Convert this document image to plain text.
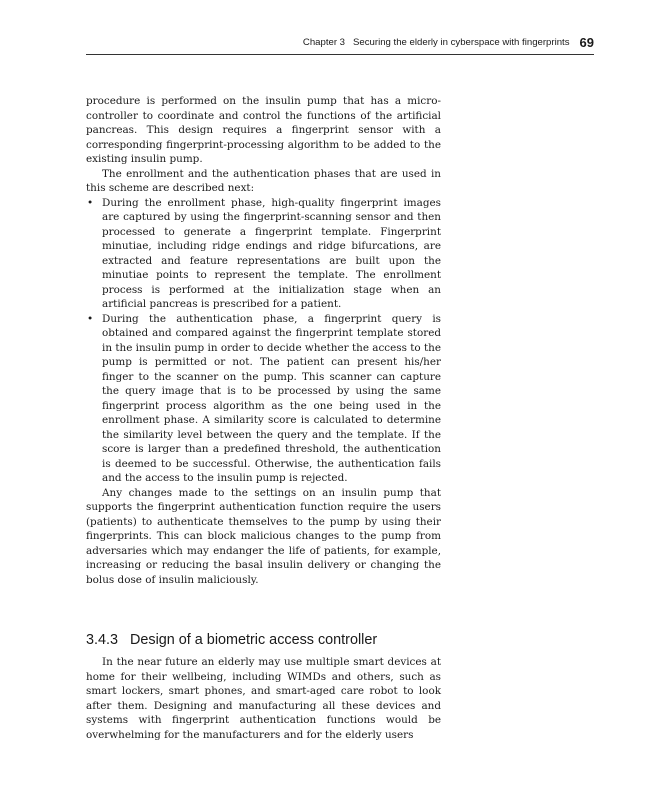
Chapter 3   Securing the elderly in cyberspace with fingerprints 69

procedure is performed on the insulin pump that has a microcontroller to coordinate and control the functions of the artificial pancreas. This design requires a fingerprint sensor with a corresponding fingerprint-processing algorithm to be added to the existing insulin pump.

The enrollment and the authentication phases that are used in this scheme are described next:

• During the enrollment phase, high-quality fingerprint images are captured by using the fingerprint-scanning sensor and then processed to generate a fingerprint template. Fingerprint minutiae, including ridge endings and ridge bifurcations, are extracted and feature representations are built upon the minutiae points to represent the template. The enrollment process is performed at the initialization stage when an artificial pancreas is prescribed for a patient.
• During the authentication phase, a fingerprint query is obtained and compared against the fingerprint template stored in the insulin pump in order to decide whether the access to the pump is permitted or not. The patient can present his/her finger to the scanner on the pump. This scanner can capture the query image that is to be processed by using the same fingerprint process algorithm as the one being used in the enrollment phase. A similarity score is calculated to determine the similarity level between the query and the template. If the score is larger than a predefined threshold, the authentication is deemed to be successful. Otherwise, the authentication fails and the access to the insulin pump is rejected.

Any changes made to the settings on an insulin pump that supports the fingerprint authentication function require the users (patients) to authenticate themselves to the pump by using their fingerprints. This can block malicious changes to the pump from adversaries which may endanger the life of patients, for example, increasing or reducing the basal insulin delivery or changing the bolus dose of insulin maliciously.

3.4.3 Design of a biometric access controller

In the near future an elderly may use multiple smart devices at home for their wellbeing, including WIMDs and others, such as smart lockers, smart phones, and smart-aged care robot to look after them. Designing and manufacturing all these devices and systems with fingerprint authentication functions would be overwhelming for the manufacturers and for the elderly users
